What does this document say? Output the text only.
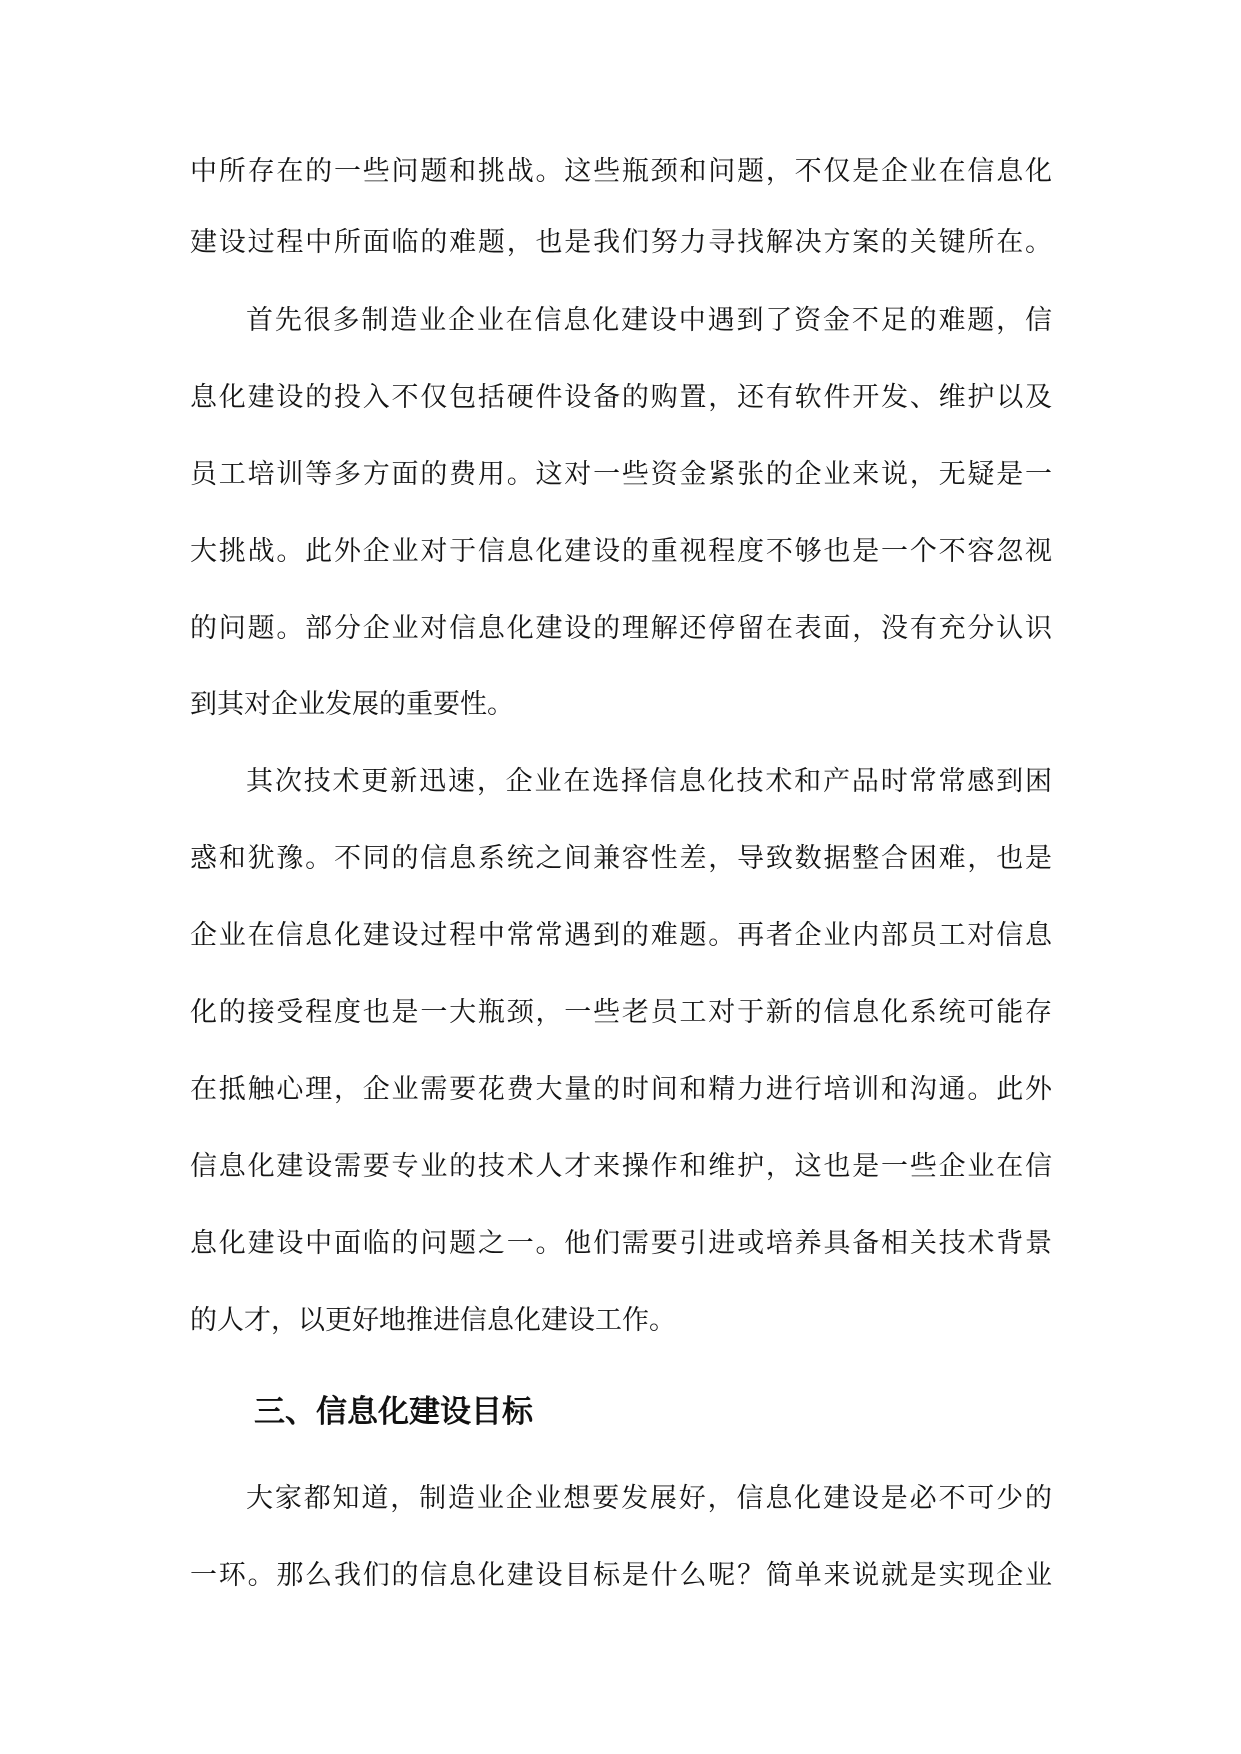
中所存在的一些问题和挑战。这些瓶颈和问题，不仅是企业在信息化
建设过程中所面临的难题，也是我们努力寻找解决方案的关键所在。
首先很多制造业企业在信息化建设中遇到了资金不足的难题，信
息化建设的投入不仅包括硬件设备的购置，还有软件开发、维护以及
员工培训等多方面的费用。这对一些资金紧张的企业来说，无疑是一
大挑战。此外企业对于信息化建设的重视程度不够也是一个不容忽视
的问题。部分企业对信息化建设的理解还停留在表面，没有充分认识
到其对企业发展的重要性。
其次技术更新迅速，企业在选择信息化技术和产品时常常感到困
惑和犹豫。不同的信息系统之间兼容性差，导致数据整合困难，也是
企业在信息化建设过程中常常遇到的难题。再者企业内部员工对信息
化的接受程度也是一大瓶颈，一些老员工对于新的信息化系统可能存
在抵触心理，企业需要花费大量的时间和精力进行培训和沟通。此外
信息化建设需要专业的技术人才来操作和维护，这也是一些企业在信
息化建设中面临的问题之一。他们需要引进或培养具备相关技术背景
的人才，以更好地推进信息化建设工作。
三、信息化建设目标
大家都知道，制造业企业想要发展好，信息化建设是必不可少的
一环。那么我们的信息化建设目标是什么呢？简单来说就是实现企业
